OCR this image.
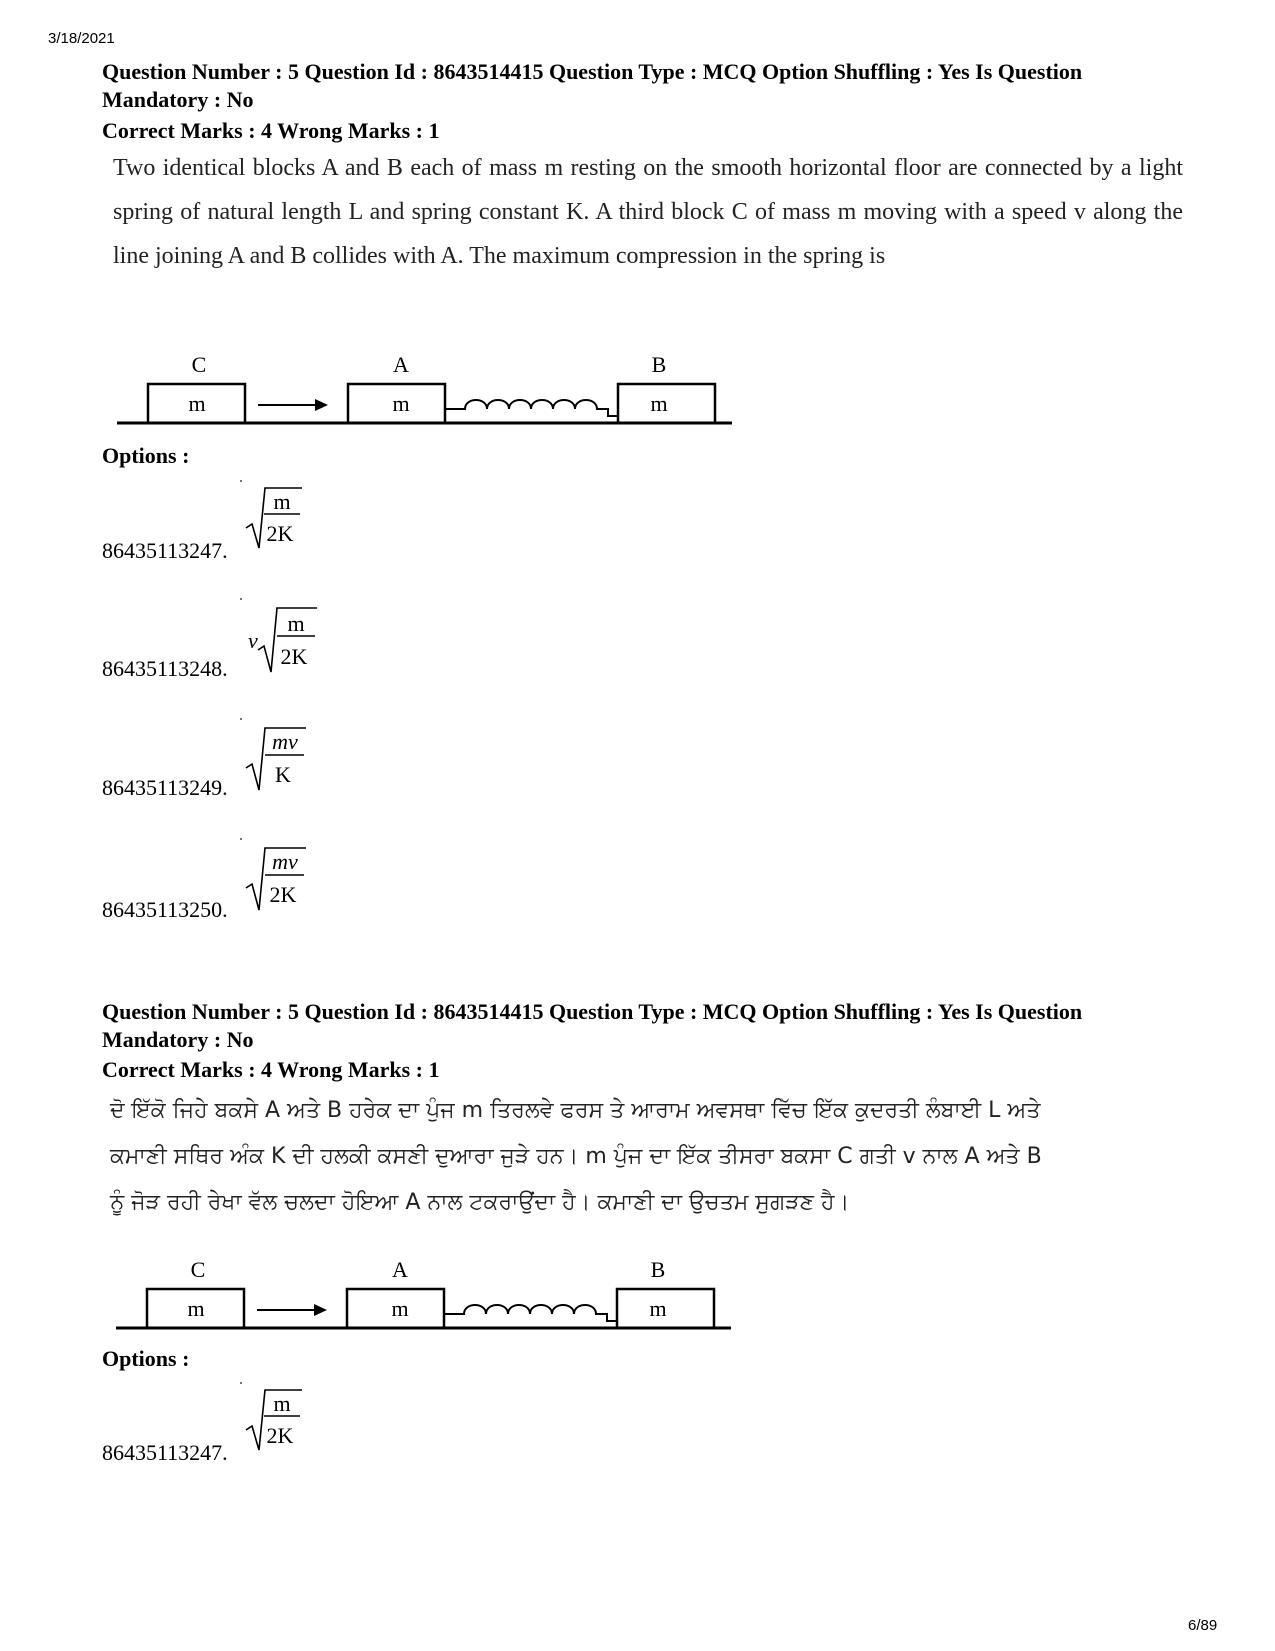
3/18/2021
Question Number : 5 Question Id : 8643514415 Question Type : MCQ Option Shuffling : Yes Is Question Mandatory : No
Correct Marks : 4 Wrong Marks : 1

Two identical blocks A and B each of mass m resting on the smooth horizontal floor are connected by a light spring of natural length L and spring constant K. A third block C of mass m moving with a speed v along the line joining A and B collides with A. The maximum compression in the spring is

C	A	B
m	m	m
Options :
86435113247.
m
2K
86435113248.
v
m
2K
86435113249.
mv
K
86435113250.
mv
2K
Question Number : 5 Question Id : 8643514415 Question Type : MCQ Option Shuffling : Yes Is Question Mandatory : No
Correct Marks : 4 Wrong Marks : 1

ਦੋ ਇੱਕੋ ਜਿਹੇ ਬਕਸੇ A ਅਤੇ B ਹਰੇਕ ਦਾ ਪੁੰਜ m ਤਿਰਲਵੇ ਫਰਸ ਤੇ ਆਰਾਮ ਅਵਸਥਾ ਵਿੱਚ ਇੱਕ ਕੁਦਰਤੀ ਲੰਬਾਈ L ਅਤੇ

ਕਮਾਣੀ ਸਥਿਰ ਅੰਕ K ਦੀ ਹਲਕੀ ਕਸਣੀ ਦੁਆਰਾ ਜੁੜੇ ਹਨ। m ਪੁੰਜ ਦਾ ਇੱਕ ਤੀਸਰਾ ਬਕਸਾ C ਗਤੀ v ਨਾਲ A ਅਤੇ B

ਨੂੰ ਜੋੜ ਰਹੀ ਰੇਖਾ ਵੱਲ ਚਲਦਾ ਹੋਇਆ A ਨਾਲ ਟਕਰਾਉਂਦਾ ਹੈ। ਕਮਾਣੀ ਦਾ ਉਚਤਮ ਸੁਗੜਣ ਹੈ।

C	A	B
m	m	m
Options :
86435113247.
m
2K
6/89
